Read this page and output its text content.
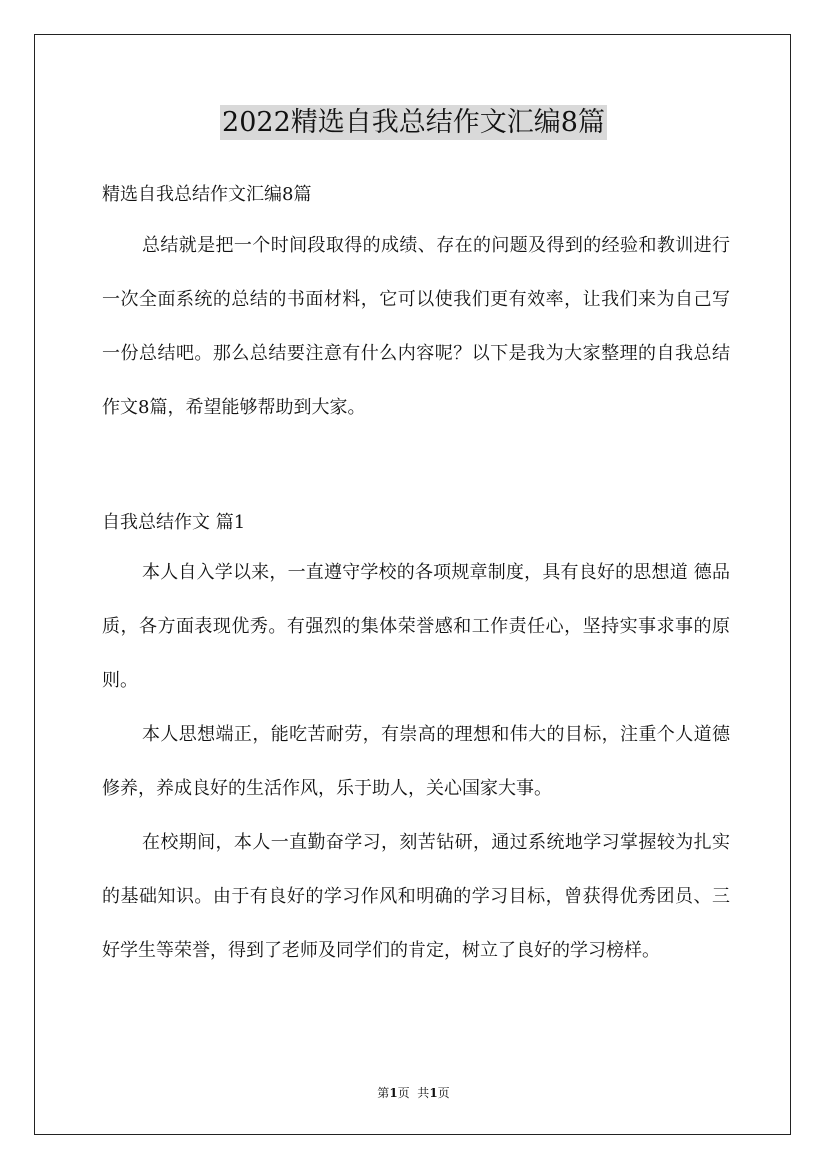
2022精选自我总结作文汇编8篇

精选自我总结作文汇编8篇

总结就是把一个时间段取得的成绩、存在的问题及得到的经验和教训进行一次全面系统的总结的书面材料，它可以使我们更有效率，让我们来为自己写一份总结吧。那么总结要注意有什么内容呢？以下是我为大家整理的自我总结作文8篇，希望能够帮助到大家。

自我总结作文 篇1

本人自入学以来，一直遵守学校的各项规章制度，具有良好的思想道 德品质，各方面表现优秀。有强烈的集体荣誉感和工作责任心，坚持实事求事的原则。

本人思想端正，能吃苦耐劳，有崇高的理想和伟大的目标，注重个人道德修养，养成良好的生活作风，乐于助人，关心国家大事。

在校期间，本人一直勤奋学习，刻苦钻研，通过系统地学习掌握较为扎实的基础知识。由于有良好的学习作风和明确的学习目标，曾获得优秀团员、三好学生等荣誉，得到了老师及同学们的肯定，树立了良好的学习榜样。

第1页  共1页
